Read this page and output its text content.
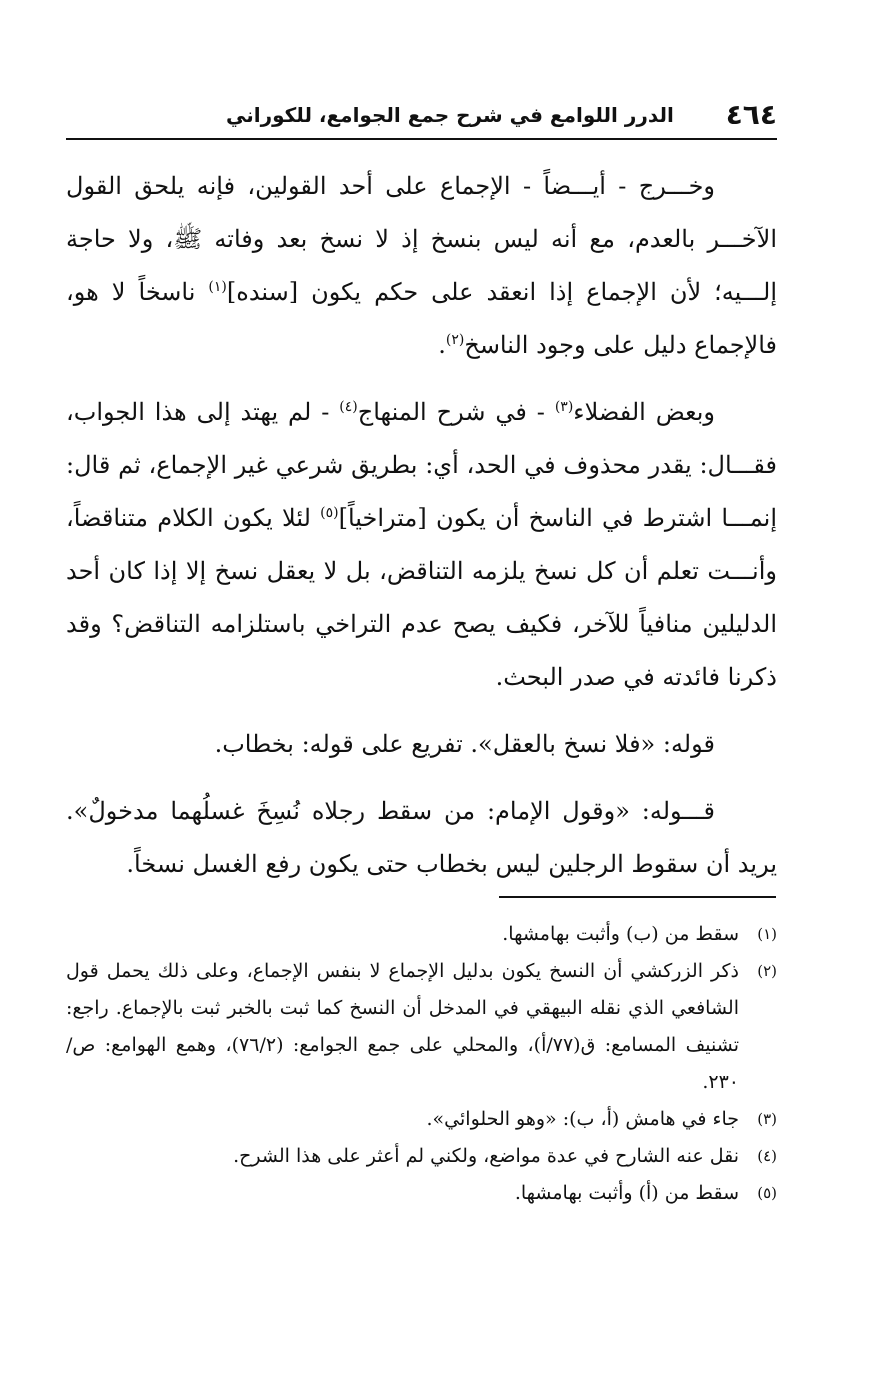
٤٦٤
الدرر اللوامع في شرح جمع الجوامع، للكوراني

وخـــرج - أيـــضاً - الإجماع على أحد القولين، فإنه يلحق القول الآخـــر بالعدم، مع أنه ليس بنسخ إذ لا نسخ بعد وفاته ﷺ، ولا حاجة إلـــيه؛ لأن الإجماع إذا انعقد على حكم يكون [سنده]$^{(١)}$ ناسخاً لا هو، فالإجماع دليل على وجود الناسخ$^{(٢)}$.

وبعض الفضلاء$^{(٣)}$ - في شرح المنهاج$^{(٤)}$ - لم يهتد إلى هذا الجواب، فقـــال: يقدر محذوف في الحد، أي: بطريق شرعي غير الإجماع، ثم قال: إنمـــا اشترط في الناسخ أن يكون [متراخياً]$^{(٥)}$ لئلا يكون الكلام متناقضاً، وأنـــت تعلم أن كل نسخ يلزمه التناقض، بل لا يعقل نسخ إلا إذا كان أحد الدليلين منافياً للآخر، فكيف يصح عدم التراخي باستلزامه التناقض؟ وقد ذكرنا فائدته في صدر البحث.

قوله: «فلا نسخ بالعقل». تفريع على قوله: بخطاب.

قـــوله: «وقول الإمام: من سقط رجلاه نُسِخَ غسلُهما مدخولٌ». يريد أن سقوط الرجلين ليس بخطاب حتى يكون رفع الغسل نسخاً.

(١)
سقط من (ب) وأثبت بهامشها.

(٢)
ذكر الزركشي أن النسخ يكون بدليل الإجماع لا بنفس الإجماع، وعلى ذلك يحمل قول الشافعي الذي نقله البيهقي في المدخل أن النسخ كما ثبت بالخبر ثبت بالإجماع. راجع: تشنيف المسامع: ق(٧٧/أ)، والمحلي على جمع الجوامع: (٧٦/٢)، وهمع الهوامع: ص/٢٣٠.

(٣)
جاء في هامش (أ، ب): «وهو الحلوائي».

(٤)
نقل عنه الشارح في عدة مواضع، ولكني لم أعثر على هذا الشرح.

(٥)
سقط من (أ) وأثبت بهامشها.
